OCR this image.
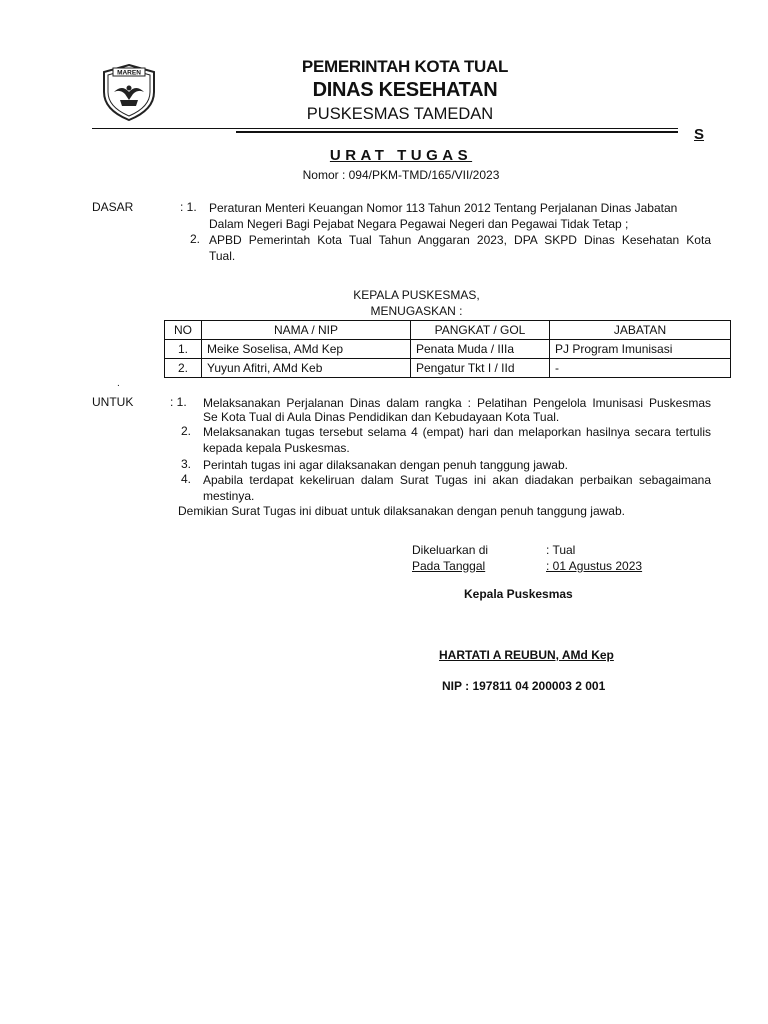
MAREN	PEMERINTAH KOTA TUAL
DINAS KESEHATAN
PUSKESMAS TAMEDAN
S
URAT TUGAS
Nomor : 094/PKM-TMD/165/VII/2023
DASAR	: 1. Peraturan Menteri Keuangan Nomor 113 Tahun 2012 Tentang Perjalanan Dinas Jabatan
Dalam Negeri Bagi Pejabat Negara Pegawai Negeri dan Pegawai Tidak Tetap ;
2. APBD Pemerintah Kota Tual Tahun Anggaran 2023, DPA SKPD Dinas Kesehatan Kota
Tual.
KEPALA PUSKESMAS,
MENUGASKAN :
NO	NAMA / NIP	PANGKAT / GOL	JABATAN
1.	Meike Soselisa, AMd Kep	Penata Muda / IIIa	PJ Program Imunisasi
2.	Yuyun Afitri, AMd Keb	Pengatur Tkt I / IId	-
.
UNTUK	: 1. Melaksanakan Perjalanan Dinas dalam rangka : Pelatihan Pengelola Imunisasi Puskesmas
Se Kota Tual di Aula Dinas Pendidikan dan Kebudayaan Kota Tual.
2. Melaksanakan tugas tersebut selama 4 (empat) hari dan melaporkan hasilnya secara tertulis
kepada kepala Puskesmas.
3. Perintah tugas ini agar dilaksanakan dengan penuh tanggung jawab.
4. Apabila terdapat kekeliruan dalam Surat Tugas ini akan diadakan perbaikan sebagaimana
mestinya.
Demikian Surat Tugas ini dibuat untuk dilaksanakan dengan penuh tanggung jawab.
Dikeluarkan di	: Tual
Pada Tanggal	: 01 Agustus 2023
Kepala Puskesmas
HARTATI A REUBUN, AMd Kep
NIP : 197811 04 200003 2 001
